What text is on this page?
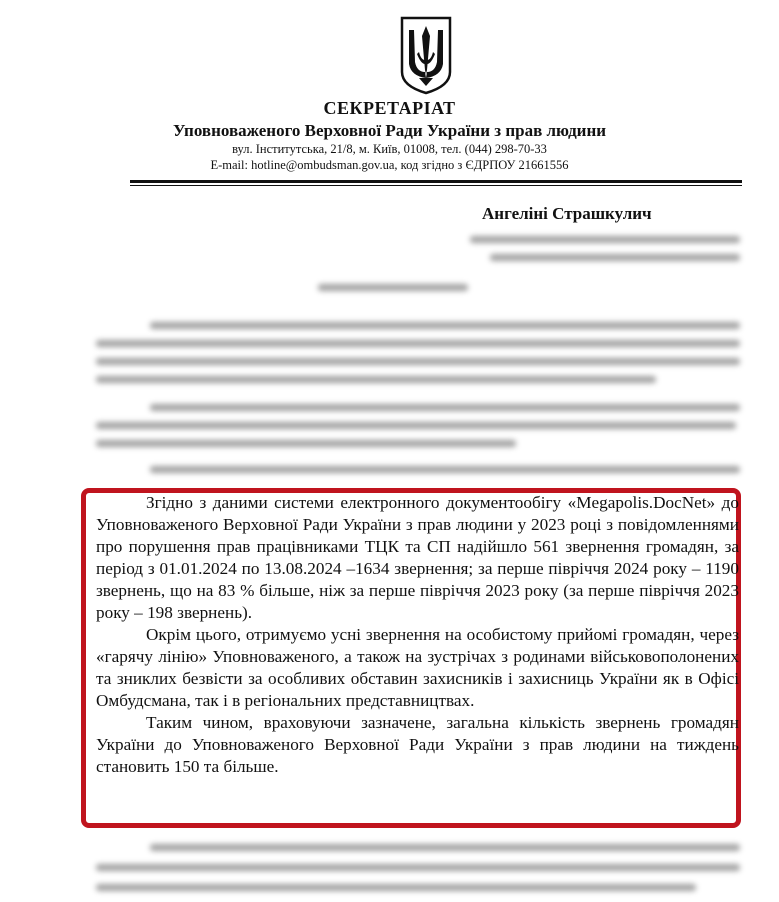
СЕКРЕТАРІАТ
Уповноваженого Верховної Ради України з прав людини
вул. Інститутська, 21/8, м. Київ, 01008, тел. (044) 298-70-33
E-mail: hotline@ombudsman.gov.ua, код згідно з ЄДРПОУ 21661556
Ангеліні Страшкулич

Згідно з даними системи електронного документообігу «Megapolis.DocNet» до Уповноваженого Верховної Ради України з прав людини у 2023 році з повідомленнями про порушення прав працівниками ТЦК та СП надійшло 561 звернення громадян, за період з 01.01.2024 по 13.08.2024 –1634 звернення; за перше півріччя 2024 року – 1190 звернень, що на 83 % більше, ніж за перше півріччя 2023 року (за перше півріччя 2023 року – 198 звернень).

Окрім цього, отримуємо усні звернення на особистому прийомі громадян, через «гарячу лінію» Уповноваженого, а також на зустрічах з родинами військовополонених та зниклих безвісти за особливих обставин захисників і захисниць України як в Офісі Омбудсмана, так і в регіональних представництвах.

Таким чином, враховуючи зазначене, загальна кількість звернень громадян України до Уповноваженого Верховної Ради України з прав людини на тиждень становить 150 та більше.
